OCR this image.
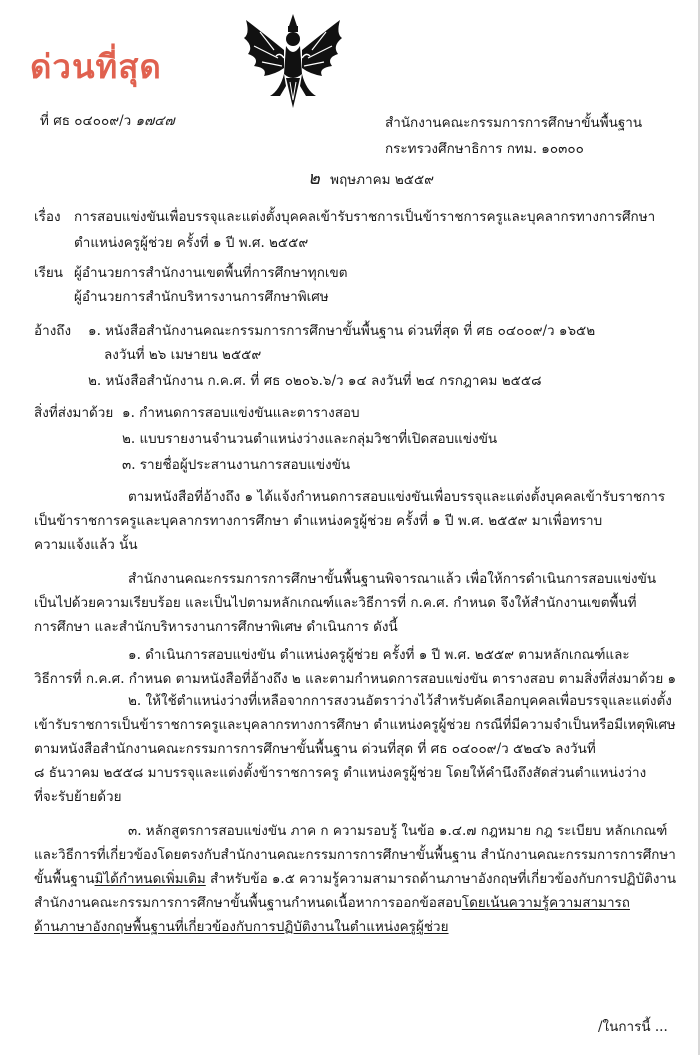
ด่วนที่สุด
ที่ ศธ ๐๔๐๐๙/ว ๑๗๔๗	สำนักงานคณะกรรมการการศึกษาขั้นพื้นฐาน
กระทรวงศึกษาธิการ กทม. ๑๐๓๐๐
๒ พฤษภาคม ๒๕๕๙
เรื่อง การสอบแข่งขันเพื่อบรรจุและแต่งตั้งบุคคลเข้ารับราชการเป็นข้าราชการครูและบุคลากรทางการศึกษา
ตำแหน่งครูผู้ช่วย ครั้งที่ ๑ ปี พ.ศ. ๒๕๕๙
เรียน ผู้อำนวยการสำนักงานเขตพื้นที่การศึกษาทุกเขต
ผู้อำนวยการสำนักบริหารงานการศึกษาพิเศษ
อ้างถึง ๑. หนังสือสำนักงานคณะกรรมการการศึกษาขั้นพื้นฐาน ด่วนที่สุด ที่ ศธ ๐๔๐๐๙/ว ๑๖๕๒
ลงวันที่ ๒๖ เมษายน ๒๕๕๙
๒. หนังสือสำนักงาน ก.ค.ศ. ที่ ศธ ๐๒๐๖.๖/ว ๑๔ ลงวันที่ ๒๔ กรกฎาคม ๒๕๕๘
สิ่งที่ส่งมาด้วย ๑. กำหนดการสอบแข่งขันและตารางสอบ
๒. แบบรายงานจำนวนตำแหน่งว่างและกลุ่มวิชาที่เปิดสอบแข่งขัน
๓. รายชื่อผู้ประสานงานการสอบแข่งขัน
ตามหนังสือที่อ้างถึง ๑ ได้แจ้งกำหนดการสอบแข่งขันเพื่อบรรจุและแต่งตั้งบุคคลเข้ารับราชการ
เป็นข้าราชการครูและบุคลากรทางการศึกษา ตำแหน่งครูผู้ช่วย ครั้งที่ ๑ ปี พ.ศ. ๒๕๕๙ มาเพื่อทราบ
ความแจ้งแล้ว นั้น
สำนักงานคณะกรรมการการศึกษาขั้นพื้นฐานพิจารณาแล้ว เพื่อให้การดำเนินการสอบแข่งขัน
เป็นไปด้วยความเรียบร้อย และเป็นไปตามหลักเกณฑ์และวิธีการที่ ก.ค.ศ. กำหนด จึงให้สำนักงานเขตพื้นที่
การศึกษา และสำนักบริหารงานการศึกษาพิเศษ ดำเนินการ ดังนี้
๑. ดำเนินการสอบแข่งขัน ตำแหน่งครูผู้ช่วย ครั้งที่ ๑ ปี พ.ศ. ๒๕๕๙ ตามหลักเกณฑ์และ
วิธีการที่ ก.ค.ศ. กำหนด ตามหนังสือที่อ้างถึง ๒ และตามกำหนดการสอบแข่งขัน ตารางสอบ ตามสิ่งที่ส่งมาด้วย ๑
๒. ให้ใช้ตำแหน่งว่างที่เหลือจากการสงวนอัตราว่างไว้สำหรับคัดเลือกบุคคลเพื่อบรรจุและแต่งตั้ง
เข้ารับราชการเป็นข้าราชการครูและบุคลากรทางการศึกษา ตำแหน่งครูผู้ช่วย กรณีที่มีความจำเป็นหรือมีเหตุพิเศษ
ตามหนังสือสำนักงานคณะกรรมการการศึกษาขั้นพื้นฐาน ด่วนที่สุด ที่ ศธ ๐๔๐๐๙/ว ๕๒๔๖ ลงวันที่
๘ ธันวาคม ๒๕๕๘ มาบรรจุและแต่งตั้งข้าราชการครู ตำแหน่งครูผู้ช่วย โดยให้คำนึงถึงสัดส่วนตำแหน่งว่าง
ที่จะรับย้ายด้วย
๓. หลักสูตรการสอบแข่งขัน ภาค ก ความรอบรู้ ในข้อ ๑.๔.๗ กฎหมาย กฎ ระเบียบ หลักเกณฑ์
และวิธีการที่เกี่ยวข้องโดยตรงกับสำนักงานคณะกรรมการการศึกษาขั้นพื้นฐาน สำนักงานคณะกรรมการการศึกษา
ขั้นพื้นฐานมิได้กำหนดเพิ่มเติม สำหรับข้อ ๑.๕ ความรู้ความสามารถด้านภาษาอังกฤษที่เกี่ยวข้องกับการปฏิบัติงาน
สำนักงานคณะกรรมการการศึกษาขั้นพื้นฐานกำหนดเนื้อหาการออกข้อสอบโดยเน้นความรู้ความสามารถ
ด้านภาษาอังกฤษพื้นฐานที่เกี่ยวข้องกับการปฏิบัติงานในตำแหน่งครูผู้ช่วย
/ในการนี้ ...
